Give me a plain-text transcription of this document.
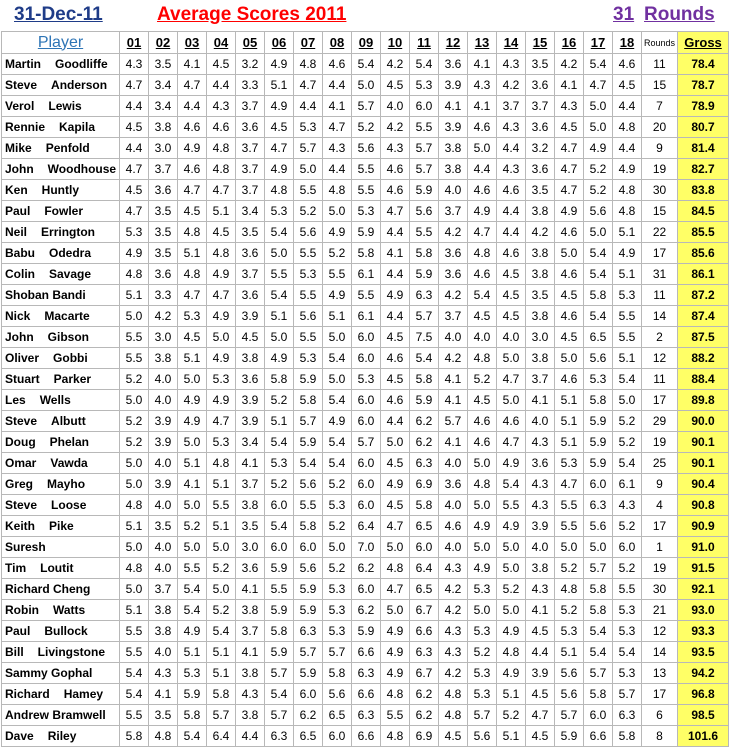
31-Dec-11	Average Scores 2011	31 Rounds
Player	01	02	03	04	05	06	07	08	09	10	11	12	13	14	15	16	17	18	Rounds	Gross
Martin Goodliffe	4.3	3.5	4.1	4.5	3.2	4.9	4.8	4.6	5.4	4.2	5.4	3.6	4.1	4.3	3.5	4.2	5.4	4.6	11	78.4
Steve Anderson	4.7	3.4	4.7	4.4	3.3	5.1	4.7	4.4	5.0	4.5	5.3	3.9	4.3	4.2	3.6	4.1	4.7	4.5	15	78.7
Verol Lewis	4.4	3.4	4.4	4.3	3.7	4.9	4.4	4.1	5.7	4.0	6.0	4.1	4.1	3.7	3.7	4.3	5.0	4.4	7	78.9
Rennie Kapila	4.5	3.8	4.6	4.6	3.6	4.5	5.3	4.7	5.2	4.2	5.5	3.9	4.6	4.3	3.6	4.5	5.0	4.8	20	80.7
Mike Penfold	4.4	3.0	4.9	4.8	3.7	4.7	5.7	4.3	5.6	4.3	5.7	3.8	5.0	4.4	3.2	4.7	4.9	4.4	9	81.4
John Woodhouse	4.7	3.7	4.6	4.8	3.7	4.9	5.0	4.4	5.5	4.6	5.7	3.8	4.4	4.3	3.6	4.7	5.2	4.9	19	82.7
Ken Huntly	4.5	3.6	4.7	4.7	3.7	4.8	5.5	4.8	5.5	4.6	5.9	4.0	4.6	4.6	3.5	4.7	5.2	4.8	30	83.8
Paul Fowler	4.7	3.5	4.5	5.1	3.4	5.3	5.2	5.0	5.3	4.7	5.6	3.7	4.9	4.4	3.8	4.9	5.6	4.8	15	84.5
Neil Errington	5.3	3.5	4.8	4.5	3.5	5.4	5.6	4.9	5.9	4.4	5.5	4.2	4.7	4.4	4.2	4.6	5.0	5.1	22	85.5
Babu Odedra	4.9	3.5	5.1	4.8	3.6	5.0	5.5	5.2	5.8	4.1	5.8	3.6	4.8	4.6	3.8	5.0	5.4	4.9	17	85.6
Colin Savage	4.8	3.6	4.8	4.9	3.7	5.5	5.3	5.5	6.1	4.4	5.9	3.6	4.6	4.5	3.8	4.6	5.4	5.1	31	86.1
Shoban Bandi	5.1	3.3	4.7	4.7	3.6	5.4	5.5	4.9	5.5	4.9	6.3	4.2	5.4	4.5	3.5	4.5	5.8	5.3	11	87.2
Nick Macarte	5.0	4.2	5.3	4.9	3.9	5.1	5.6	5.1	6.1	4.4	5.7	3.7	4.5	4.5	3.8	4.6	5.4	5.5	14	87.4
John Gibson	5.5	3.0	4.5	5.0	4.5	5.0	5.5	5.0	6.0	4.5	7.5	4.0	4.0	4.0	3.0	4.5	6.5	5.5	2	87.5
Oliver Gobbi	5.5	3.8	5.1	4.9	3.8	4.9	5.3	5.4	6.0	4.6	5.4	4.2	4.8	5.0	3.8	5.0	5.6	5.1	12	88.2
Stuart Parker	5.2	4.0	5.0	5.3	3.6	5.8	5.9	5.0	5.3	4.5	5.8	4.1	5.2	4.7	3.7	4.6	5.3	5.4	11	88.4
Les Wells	5.0	4.0	4.9	4.9	3.9	5.2	5.8	5.4	6.0	4.6	5.9	4.1	4.5	5.0	4.1	5.1	5.8	5.0	17	89.8
Steve Albutt	5.2	3.9	4.9	4.7	3.9	5.1	5.7	4.9	6.0	4.4	6.2	5.7	4.6	4.6	4.0	5.1	5.9	5.2	29	90.0
Doug Phelan	5.2	3.9	5.0	5.3	3.4	5.4	5.9	5.4	5.7	5.0	6.2	4.1	4.6	4.7	4.3	5.1	5.9	5.2	19	90.1
Omar Vawda	5.0	4.0	5.1	4.8	4.1	5.3	5.4	5.4	6.0	4.5	6.3	4.0	5.0	4.9	3.6	5.3	5.9	5.4	25	90.1
Greg Mayho	5.0	3.9	4.1	5.1	3.7	5.2	5.6	5.2	6.0	4.9	6.9	3.6	4.8	5.4	4.3	4.7	6.0	6.1	9	90.4
Steve Loose	4.8	4.0	5.0	5.5	3.8	6.0	5.5	5.3	6.0	4.5	5.8	4.0	5.0	5.5	4.3	5.5	6.3	4.3	4	90.8
Keith Pike	5.1	3.5	5.2	5.1	3.5	5.4	5.8	5.2	6.4	4.7	6.5	4.6	4.9	4.9	3.9	5.5	5.6	5.2	17	90.9
Suresh	5.0	4.0	5.0	5.0	3.0	6.0	6.0	5.0	7.0	5.0	6.0	4.0	5.0	5.0	4.0	5.0	5.0	6.0	1	91.0
Tim Loutit	4.8	4.0	5.5	5.2	3.6	5.9	5.6	5.2	6.2	4.8	6.4	4.3	4.9	5.0	3.8	5.2	5.7	5.2	19	91.5
Richard Cheng	5.0	3.7	5.4	5.0	4.1	5.5	5.9	5.3	6.0	4.7	6.5	4.2	5.3	5.2	4.3	4.8	5.8	5.5	30	92.1
Robin Watts	5.1	3.8	5.4	5.2	3.8	5.9	5.9	5.3	6.2	5.0	6.7	4.2	5.0	5.0	4.1	5.2	5.8	5.3	21	93.0
Paul Bullock	5.5	3.8	4.9	5.4	3.7	5.8	6.3	5.3	5.9	4.9	6.6	4.3	5.3	4.9	4.5	5.3	5.4	5.3	12	93.3
Bill Livingstone	5.5	4.0	5.1	5.1	4.1	5.9	5.7	5.7	6.6	4.9	6.3	4.3	5.2	4.8	4.4	5.1	5.4	5.4	14	93.5
Sammy Gophal	5.4	4.3	5.3	5.1	3.8	5.7	5.9	5.8	6.3	4.9	6.7	4.2	5.3	4.9	3.9	5.6	5.7	5.3	13	94.2
Richard Hamey	5.4	4.1	5.9	5.8	4.3	5.4	6.0	5.6	6.6	4.8	6.2	4.8	5.3	5.1	4.5	5.6	5.8	5.7	17	96.8
Andrew Bramwell	5.5	3.5	5.8	5.7	3.8	5.7	6.2	6.5	6.3	5.5	6.2	4.8	5.7	5.2	4.7	5.7	6.0	6.3	6	98.5
Dave Riley	5.8	4.8	5.4	6.4	4.4	6.3	6.5	6.0	6.6	4.8	6.9	4.5	5.6	5.1	4.5	5.9	6.6	5.8	8	101.6
